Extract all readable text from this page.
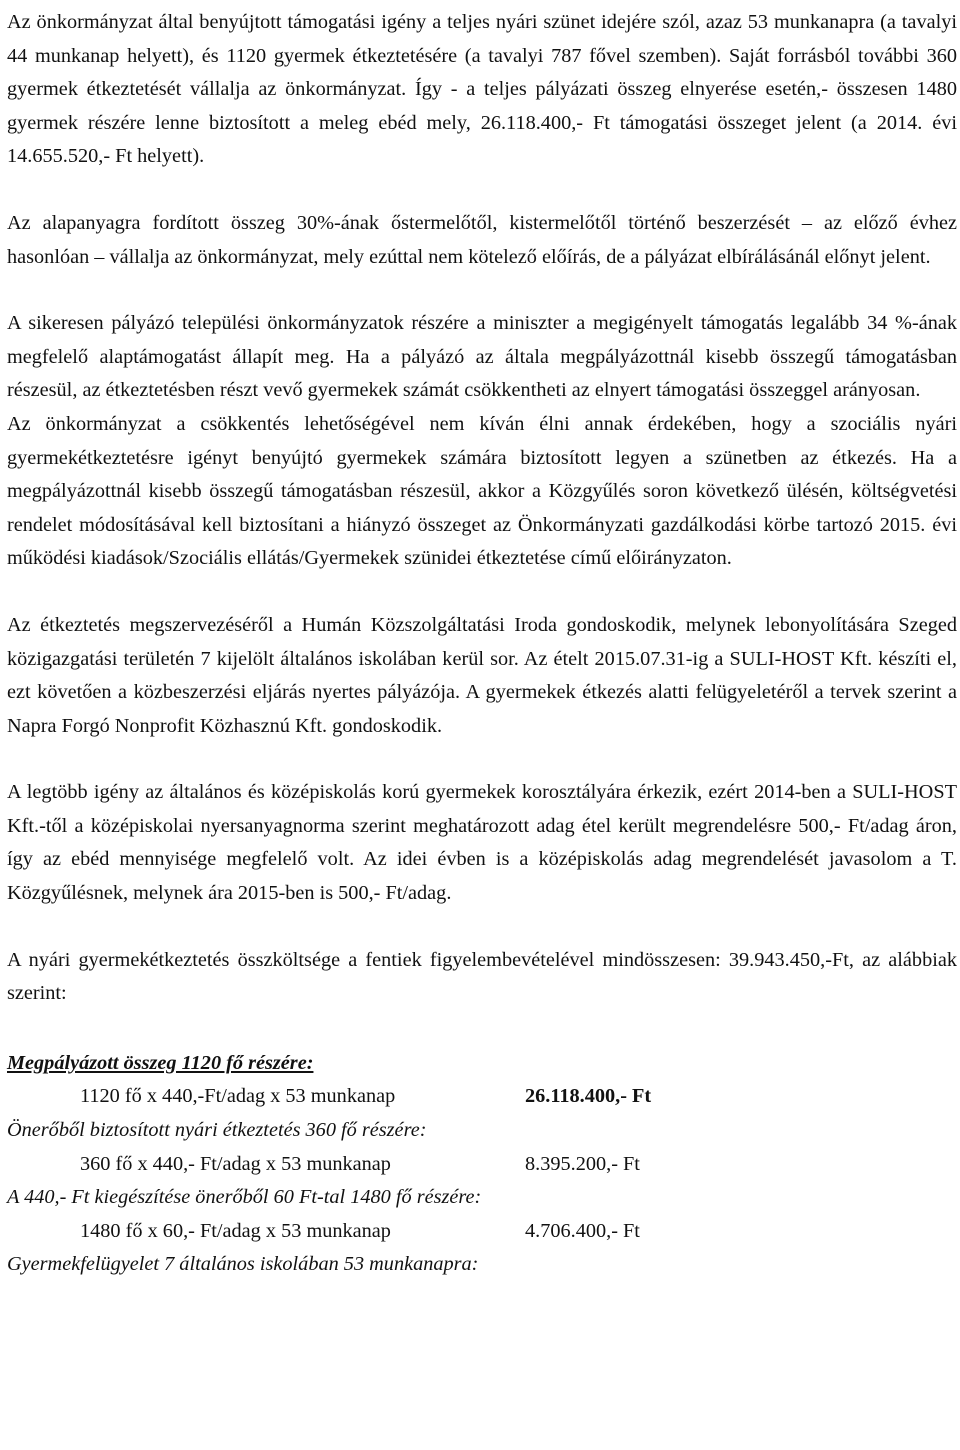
Az önkormányzat által benyújtott támogatási igény a teljes nyári szünet idejére szól, azaz 53 munkanapra (a tavalyi 44 munkanap helyett), és 1120 gyermek étkeztetésére (a tavalyi 787 fővel szemben). Saját forrásból további 360 gyermek étkeztetését vállalja az önkormányzat. Így - a teljes pályázati összeg elnyerése esetén,- összesen 1480 gyermek részére lenne biztosított a meleg ebéd mely, 26.118.400,- Ft támogatási összeget jelent (a 2014. évi 14.655.520,- Ft helyett).

Az alapanyagra fordított összeg 30%-ának őstermelőtől, kistermelőtől történő beszerzését – az előző évhez hasonlóan – vállalja az önkormányzat, mely ezúttal nem kötelező előírás, de a pályázat elbírálásánál előnyt jelent.

A sikeresen pályázó települési önkormányzatok részére a miniszter a megigényelt támogatás legalább 34 %-ának megfelelő alaptámogatást állapít meg. Ha a pályázó az általa megpályázottnál kisebb összegű támogatásban részesül, az étkeztetésben részt vevő gyermekek számát csökkentheti az elnyert támogatási összeggel arányosan.

Az önkormányzat a csökkentés lehetőségével nem kíván élni annak érdekében, hogy a szociális nyári gyermekétkeztetésre igényt benyújtó gyermekek számára biztosított legyen a szünetben az étkezés. Ha a megpályázottnál kisebb összegű támogatásban részesül, akkor a Közgyűlés soron következő ülésén, költségvetési rendelet módosításával kell biztosítani a hiányzó összeget az Önkormányzati gazdálkodási körbe tartozó 2015. évi működési kiadások/Szociális ellátás/Gyermekek szünidei étkeztetése című előirányzaton.

Az étkeztetés megszervezéséről a Humán Közszolgáltatási Iroda gondoskodik, melynek lebonyolítására Szeged közigazgatási területén 7 kijelölt általános iskolában kerül sor. Az ételt 2015.07.31-ig a SULI-HOST Kft. készíti el, ezt követően a közbeszerzési eljárás nyertes pályázója. A gyermekek étkezés alatti felügyeletéről a tervek szerint a Napra Forgó Nonprofit Közhasznú Kft. gondoskodik.

A legtöbb igény az általános és középiskolás korú gyermekek korosztályára érkezik, ezért 2014-ben a SULI-HOST Kft.-től a középiskolai nyersanyagnorma szerint meghatározott adag étel került megrendelésre 500,- Ft/adag áron, így az ebéd mennyisége megfelelő volt. Az idei évben is a középiskolás adag megrendelését javasolom a T. Közgyűlésnek, melynek ára 2015-ben is 500,- Ft/adag.

A nyári gyermekétkeztetés összköltsége a fentiek figyelembevételével mindösszesen: 39.943.450,-Ft, az alábbiak szerint:

Megpályázott összeg 1120 fő részére:
1120 fő x 440,-Ft/adag x 53 munkanap	26.118.400,- Ft
Önerőből biztosított nyári étkeztetés 360 fő részére:
360 fő x 440,- Ft/adag x 53 munkanap	8.395.200,- Ft
A 440,- Ft kiegészítése önerőből 60 Ft-tal 1480 fő részére:
1480 fő x 60,- Ft/adag x 53 munkanap	4.706.400,- Ft
Gyermekfelügyelet 7 általános iskolában 53 munkanapra:
